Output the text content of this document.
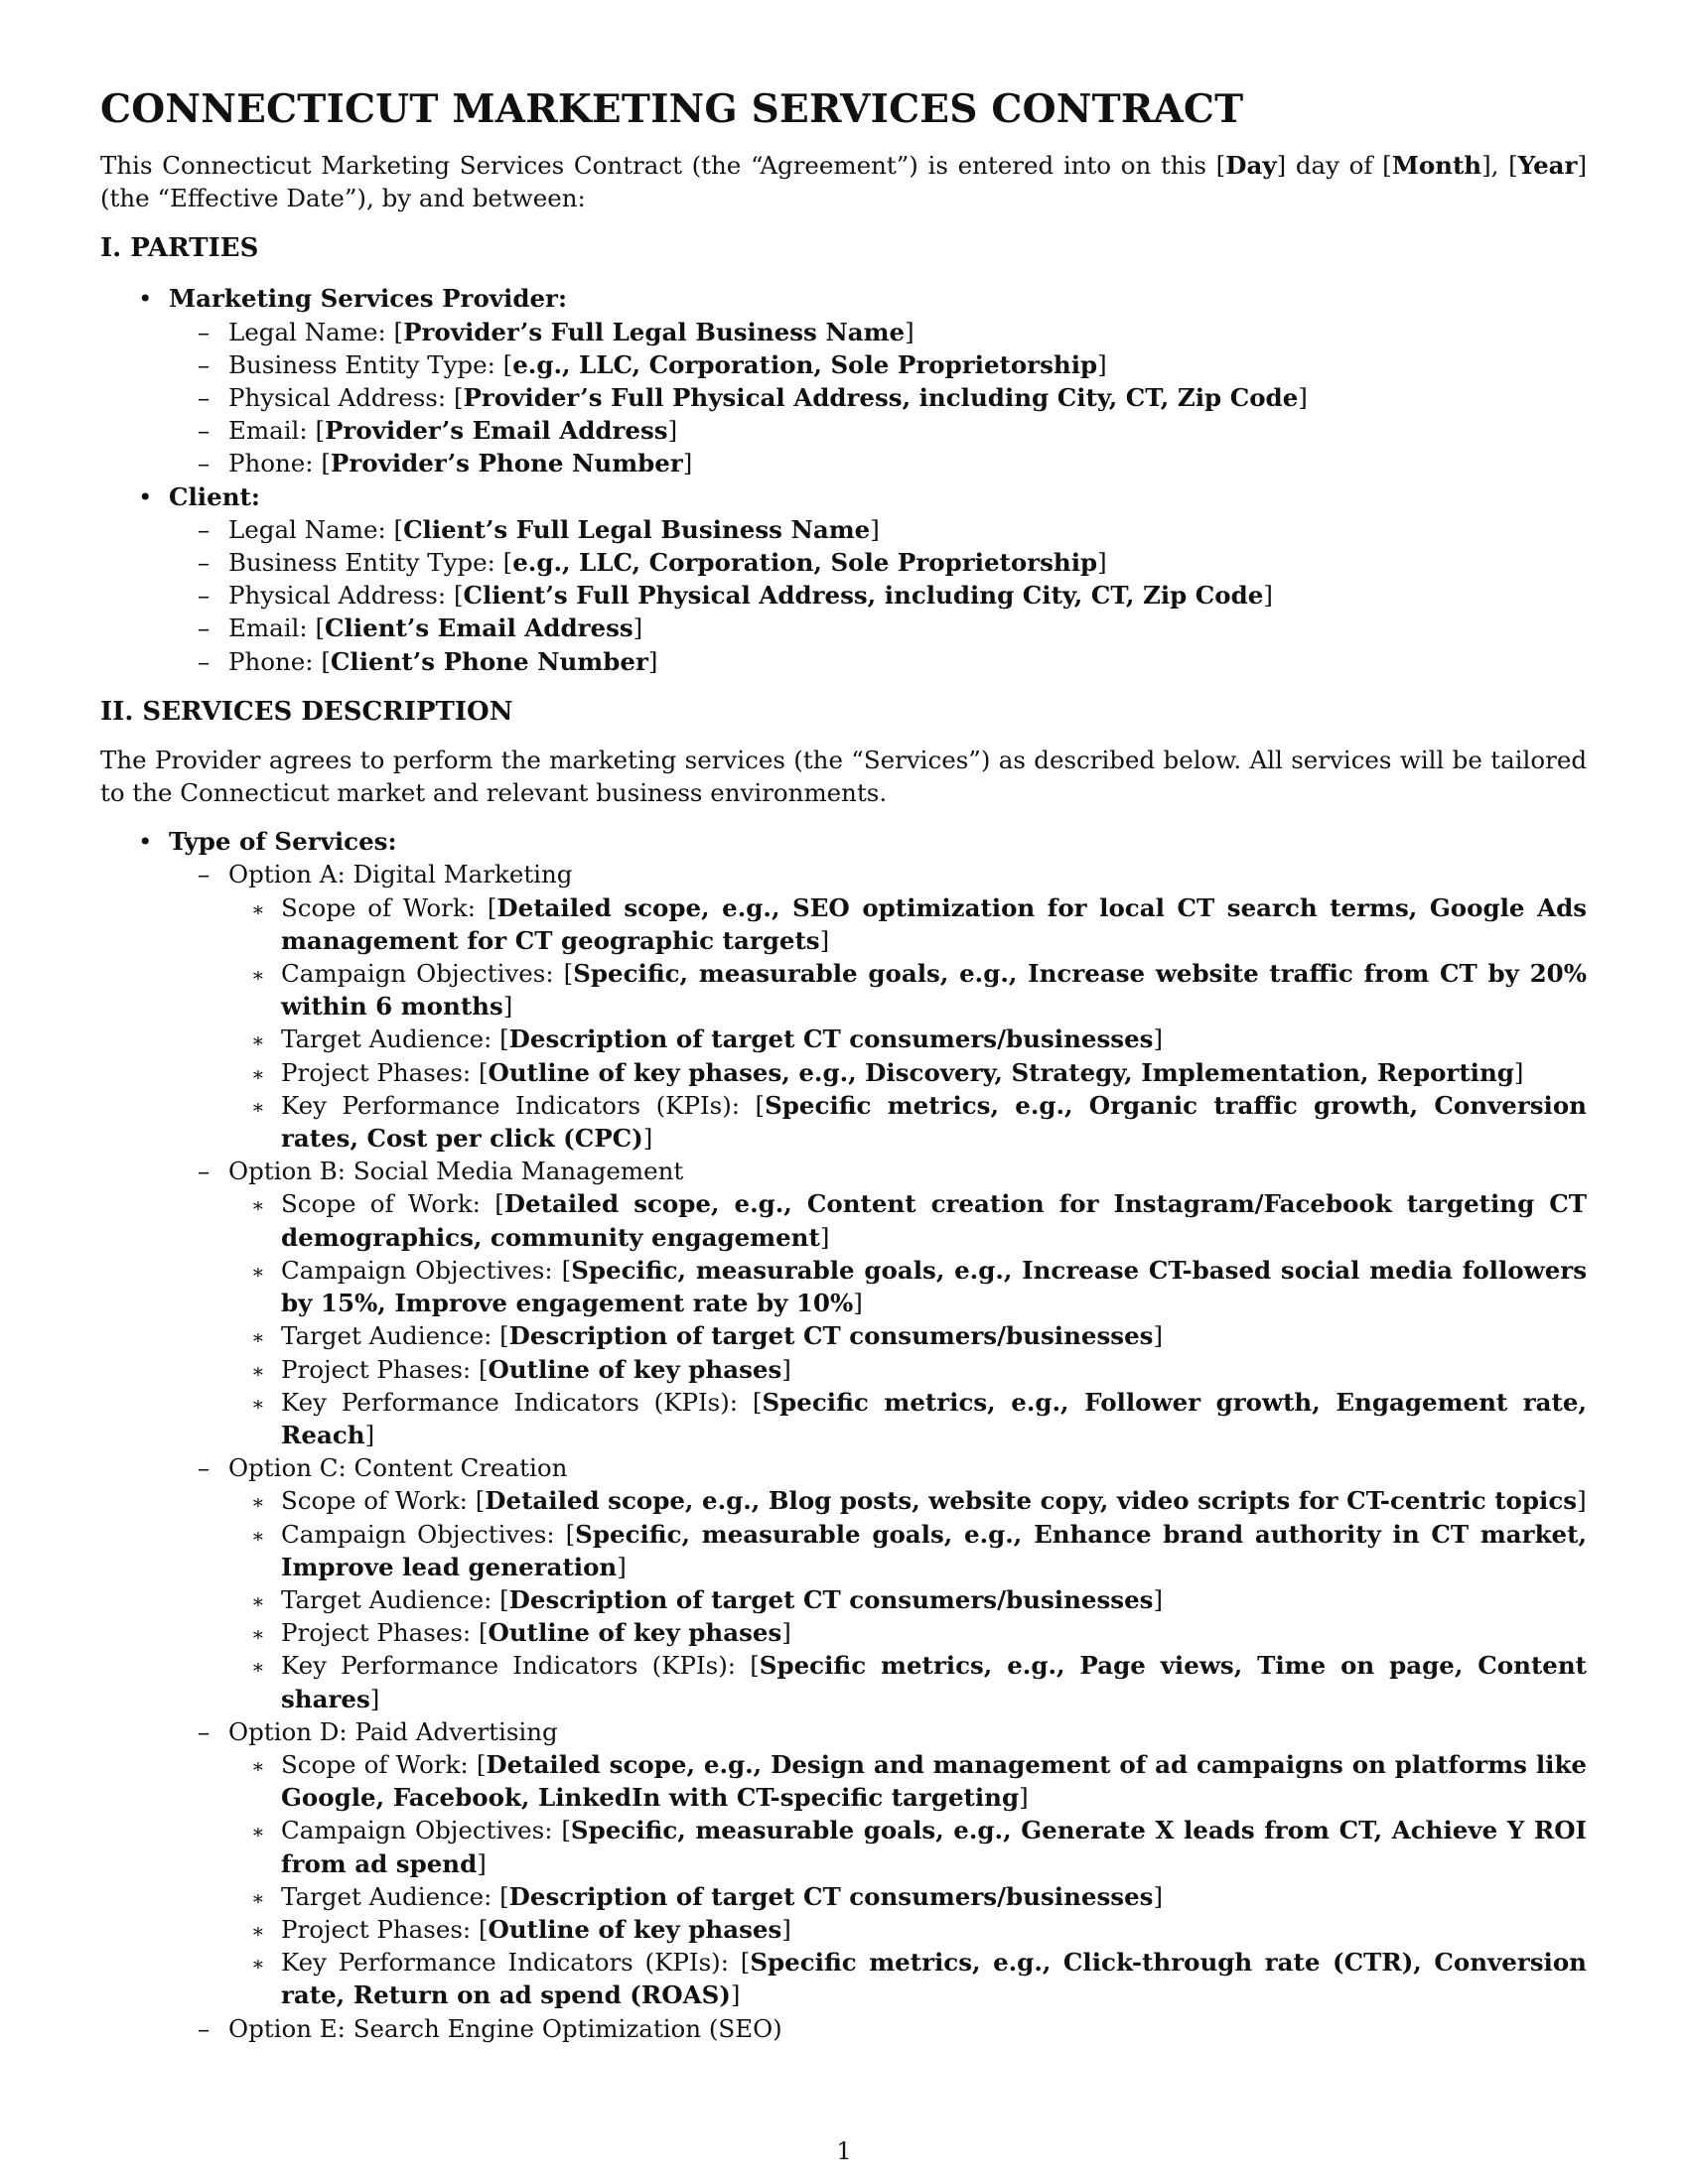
CONNECTICUT MARKETING SERVICES CONTRACT

This Connecticut Marketing Services Contract (the “Agreement”) is entered into on this [Day] day of [Month], [Year] (the “Effective Date”), by and between:

I. PARTIES
• Marketing Services Provider:
– Legal Name: [Provider’s Full Legal Business Name]
– Business Entity Type: [e.g., LLC, Corporation, Sole Proprietorship]
– Physical Address: [Provider’s Full Physical Address, including City, CT, Zip Code]
– Email: [Provider’s Email Address]
– Phone: [Provider’s Phone Number]
• Client:
– Legal Name: [Client’s Full Legal Business Name]
– Business Entity Type: [e.g., LLC, Corporation, Sole Proprietorship]
– Physical Address: [Client’s Full Physical Address, including City, CT, Zip Code]
– Email: [Client’s Email Address]
– Phone: [Client’s Phone Number]
II. SERVICES DESCRIPTION

The Provider agrees to perform the marketing services (the “Services”) as described below. All services will be tailored to the Connecticut market and relevant business environments.

• Type of Services:
– Option A: Digital Marketing
∗ Scope of Work: [Detailed scope, e.g., SEO optimization for local CT search terms, Google Ads management for CT geographic targets]
∗ Campaign Objectives: [Specific, measurable goals, e.g., Increase website traffic from CT by 20% within 6 months]
∗ Target Audience: [Description of target CT consumers/businesses]
∗ Project Phases: [Outline of key phases, e.g., Discovery, Strategy, Implementation, Reporting]
∗ Key Performance Indicators (KPIs): [Specific metrics, e.g., Organic traffic growth, Conversion rates, Cost per click (CPC)]
– Option B: Social Media Management
∗ Scope of Work: [Detailed scope, e.g., Content creation for Instagram/Facebook targeting CT demographics, community engagement]
∗ Campaign Objectives: [Specific, measurable goals, e.g., Increase CT-based social media followers by 15%, Improve engagement rate by 10%]
∗ Target Audience: [Description of target CT consumers/businesses]
∗ Project Phases: [Outline of key phases]
∗ Key Performance Indicators (KPIs): [Specific metrics, e.g., Follower growth, Engagement rate, Reach]
– Option C: Content Creation
∗ Scope of Work: [Detailed scope, e.g., Blog posts, website copy, video scripts for CT-centric topics]
∗ Campaign Objectives: [Specific, measurable goals, e.g., Enhance brand authority in CT market, Improve lead generation]
∗ Target Audience: [Description of target CT consumers/businesses]
∗ Project Phases: [Outline of key phases]
∗ Key Performance Indicators (KPIs): [Specific metrics, e.g., Page views, Time on page, Content shares]
– Option D: Paid Advertising
∗ Scope of Work: [Detailed scope, e.g., Design and management of ad campaigns on platforms like Google, Facebook, LinkedIn with CT-specific targeting]
∗ Campaign Objectives: [Specific, measurable goals, e.g., Generate X leads from CT, Achieve Y ROI from ad spend]
∗ Target Audience: [Description of target CT consumers/businesses]
∗ Project Phases: [Outline of key phases]
∗ Key Performance Indicators (KPIs): [Specific metrics, e.g., Click-through rate (CTR), Conversion rate, Return on ad spend (ROAS)]
– Option E: Search Engine Optimization (SEO)
1
